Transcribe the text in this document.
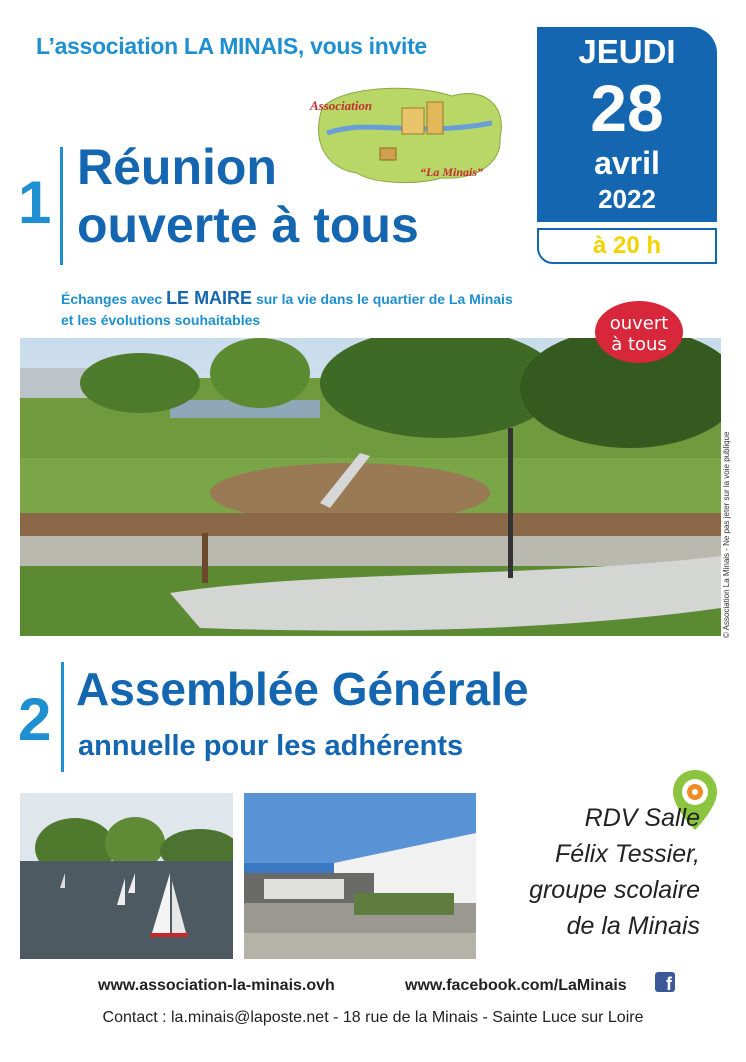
L’association LA MINAIS, vous invite
Association
“La Minais”
JEUDI
28
avril
2022
à 20 h
1
Réunion
ouverte à tous
Échanges avec LE MAIRE sur la vie dans le quartier de La Minais
et les évolutions souhaitables	ouvert
à tous
© Association La Minais - Ne pas jeter sur la voie publique
2 Assemblée Générale
annuelle pour les adhérents
RDV Salle
Félix Tessier,
groupe scolaire
de la Minais
www.association-la-minais.ovh	www.facebook.com/LaMinais	f
Contact : la.minais@laposte.net - 18 rue de la Minais - Sainte Luce sur Loire
